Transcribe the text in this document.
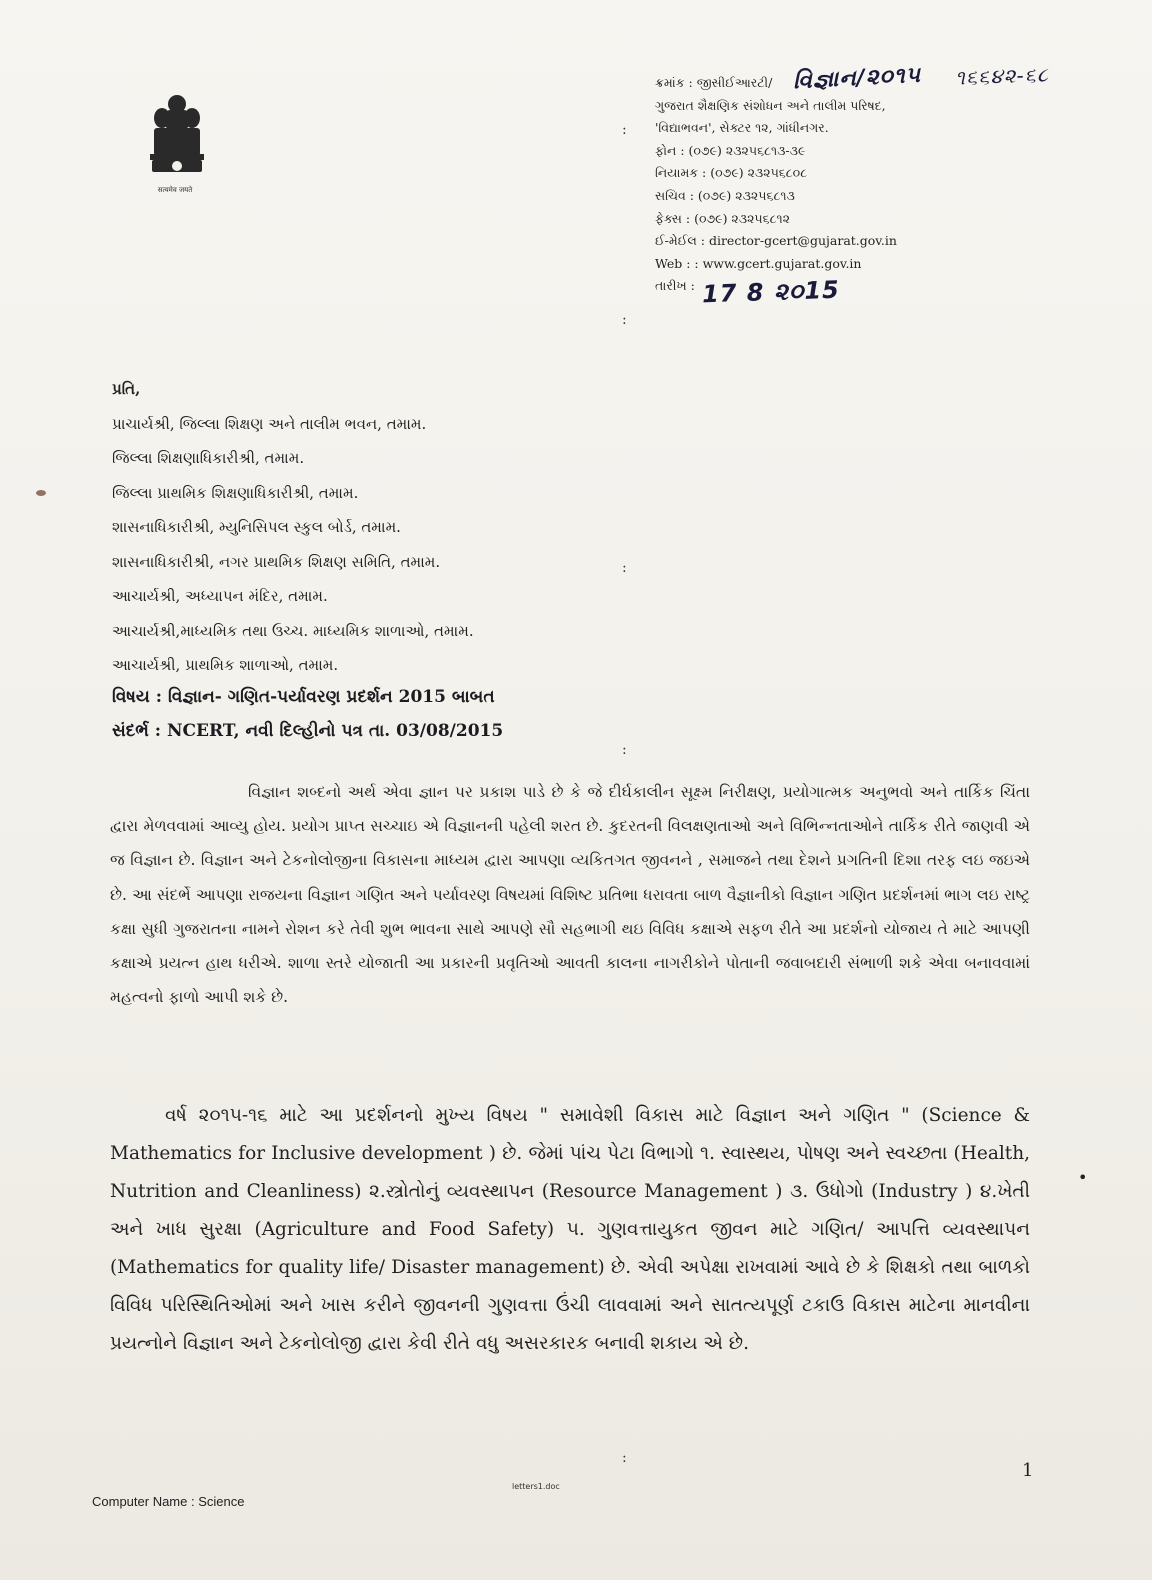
सत्यमेव जयते
ક્રમાંક : જીસીઈઆરટી/
ગુજરાત શૈક્ષણિક સંશોધન અને તાલીમ પરિષદ,
'વિદ્યાભવન', સેક્ટર ૧૨, ગાંધીનગર.
ફોન : (૦૭૯) ૨૩૨૫૬૮૧૩-૩૯
નિયામક : (૦૭૯) ૨૩૨૫૬૮૦૮
સચિવ : (૦૭૯) ૨૩૨૫૬૮૧૩
ફેક્સ : (૦૭૯) ૨૩૨૫૬૮૧૨
ઈ-મેઈલ : director-gcert@gujarat.gov.in
Web : : www.gcert.gujarat.gov.in
તારીખ :
વિજ્ઞાન/૨૦૧૫ ૧૬૬૪૨-૬૮
17 8 ૨૦15
:
:
:
:
:
પ્રતિ,
પ્રાચાર્યશ્રી, જિલ્લા શિક્ષણ અને તાલીમ ભવન, તમામ.
જિલ્લા શિક્ષણાધિકારીશ્રી, તમામ.
જિલ્લા પ્રાથમિક શિક્ષણાધિકારીશ્રી, તમામ.
શાસનાધિકારીશ્રી, મ્યુનિસિપલ સ્કુલ બોર્ડ, તમામ.
શાસનાધિકારીશ્રી, નગર પ્રાથમિક શિક્ષણ સમિતિ, તમામ.
આચાર્યશ્રી, અધ્યાપન મંદિર, તમામ.
આચાર્યશ્રી,માધ્યમિક તથા ઉચ્ચ. માધ્યમિક શાળાઓ, તમામ.
આચાર્યશ્રી, પ્રાથમિક શાળાઓ, તમામ.
વિષય : વિજ્ઞાન- ગણિત-પર્યાવરણ પ્રદર્શન 2015 બાબત
સંદર્ભ : NCERT, નવી દિલ્હીનો પત્ર તા. 03/08/2015
વિજ્ઞાન શબ્દનો અર્થ એવા જ્ઞાન પર પ્રકાશ પાડે છે કે જે દીર્ઘકાલીન સૂક્ષ્મ નિરીક્ષણ, પ્રયોગાત્મક અનુભવો અને તાર્કિક ચિંતા દ્વારા મેળવવામાં આવ્યુ હોય. પ્રયોગ પ્રાપ્ત સચ્ચાઇ એ વિજ્ઞાનની પહેલી શરત છે. કુદરતની વિલક્ષણતાઓ અને વિભિન્નતાઓને તાર્કિક રીતે જાણવી એ જ વિજ્ઞાન છે. વિજ્ઞાન અને ટેકનોલોજીના વિકાસના માધ્યમ દ્વારા આપણા વ્યકિતગત જીવનને , સમાજને તથા દેશને પ્રગતિની દિશા તરફ લઇ જઇએ છે. આ સંદર્ભે આપણા રાજયના વિજ્ઞાન ગણિત અને પર્યાવરણ વિષયમાં વિશિષ્ટ પ્રતિભા ધરાવતા બાળ વૈજ્ઞાનીકો વિજ્ઞાન ગણિત પ્રદર્શનમાં ભાગ લઇ રાષ્ટ્ર કક્ષા સુધી ગુજરાતના નામને રોશન કરે તેવી શુભ ભાવના સાથે આપણે સૌ સહભાગી થઇ વિવિધ કક્ષાએ સફળ રીતે આ પ્રદર્શનો યોજાય તે માટે આપણી કક્ષાએ પ્રયત્ન હાથ ધરીએ. શાળા સ્તરે યોજાતી આ પ્રકારની પ્રવૃતિઓ આવતી કાલના નાગરીકોને પોતાની જવાબદારી સંભાળી શકે એવા બનાવવામાં મહત્વનો ફાળો આપી શકે છે.
વર્ષ ૨૦૧૫-૧૬ માટે આ પ્રદર્શનનો મુખ્ય વિષય " સમાવેશી વિકાસ માટે વિજ્ઞાન અને ગણિત " (Science & Mathematics for Inclusive development ) છે. જેમાં પાંચ પેટા વિભાગો ૧. સ્વાસ્થય, પોષણ અને સ્વચ્છતા (Health, Nutrition and Cleanliness) ૨.સ્ત્રોતોનું વ્યવસ્થાપન (Resource Management ) ૩. ઉધોગો (Industry ) ૪.ખેતી અને ખાધ સુરક્ષા (Agriculture and Food Safety) ૫. ગુણવત્તાયુકત જીવન માટે ગણિત/ આપત્તિ વ્યવસ્થાપન (Mathematics for quality life/ Disaster management) છે. એવી અપેક્ષા રાખવામાં આવે છે કે શિક્ષકો તથા બાળકો વિવિધ પરિસ્થિતિઓમાં અને ખાસ કરીને જીવનની ગુણવત્તા ઉંચી લાવવામાં અને સાતત્યપૂર્ણ ટકાઉ વિકાસ માટેના માનવીના પ્રયત્નોને વિજ્ઞાન અને ટેકનોલોજી દ્વારા કેવી રીતે વધુ અસરકારક બનાવી શકાય એ છે.
•
letters1.doc
1
Computer Name : Science
